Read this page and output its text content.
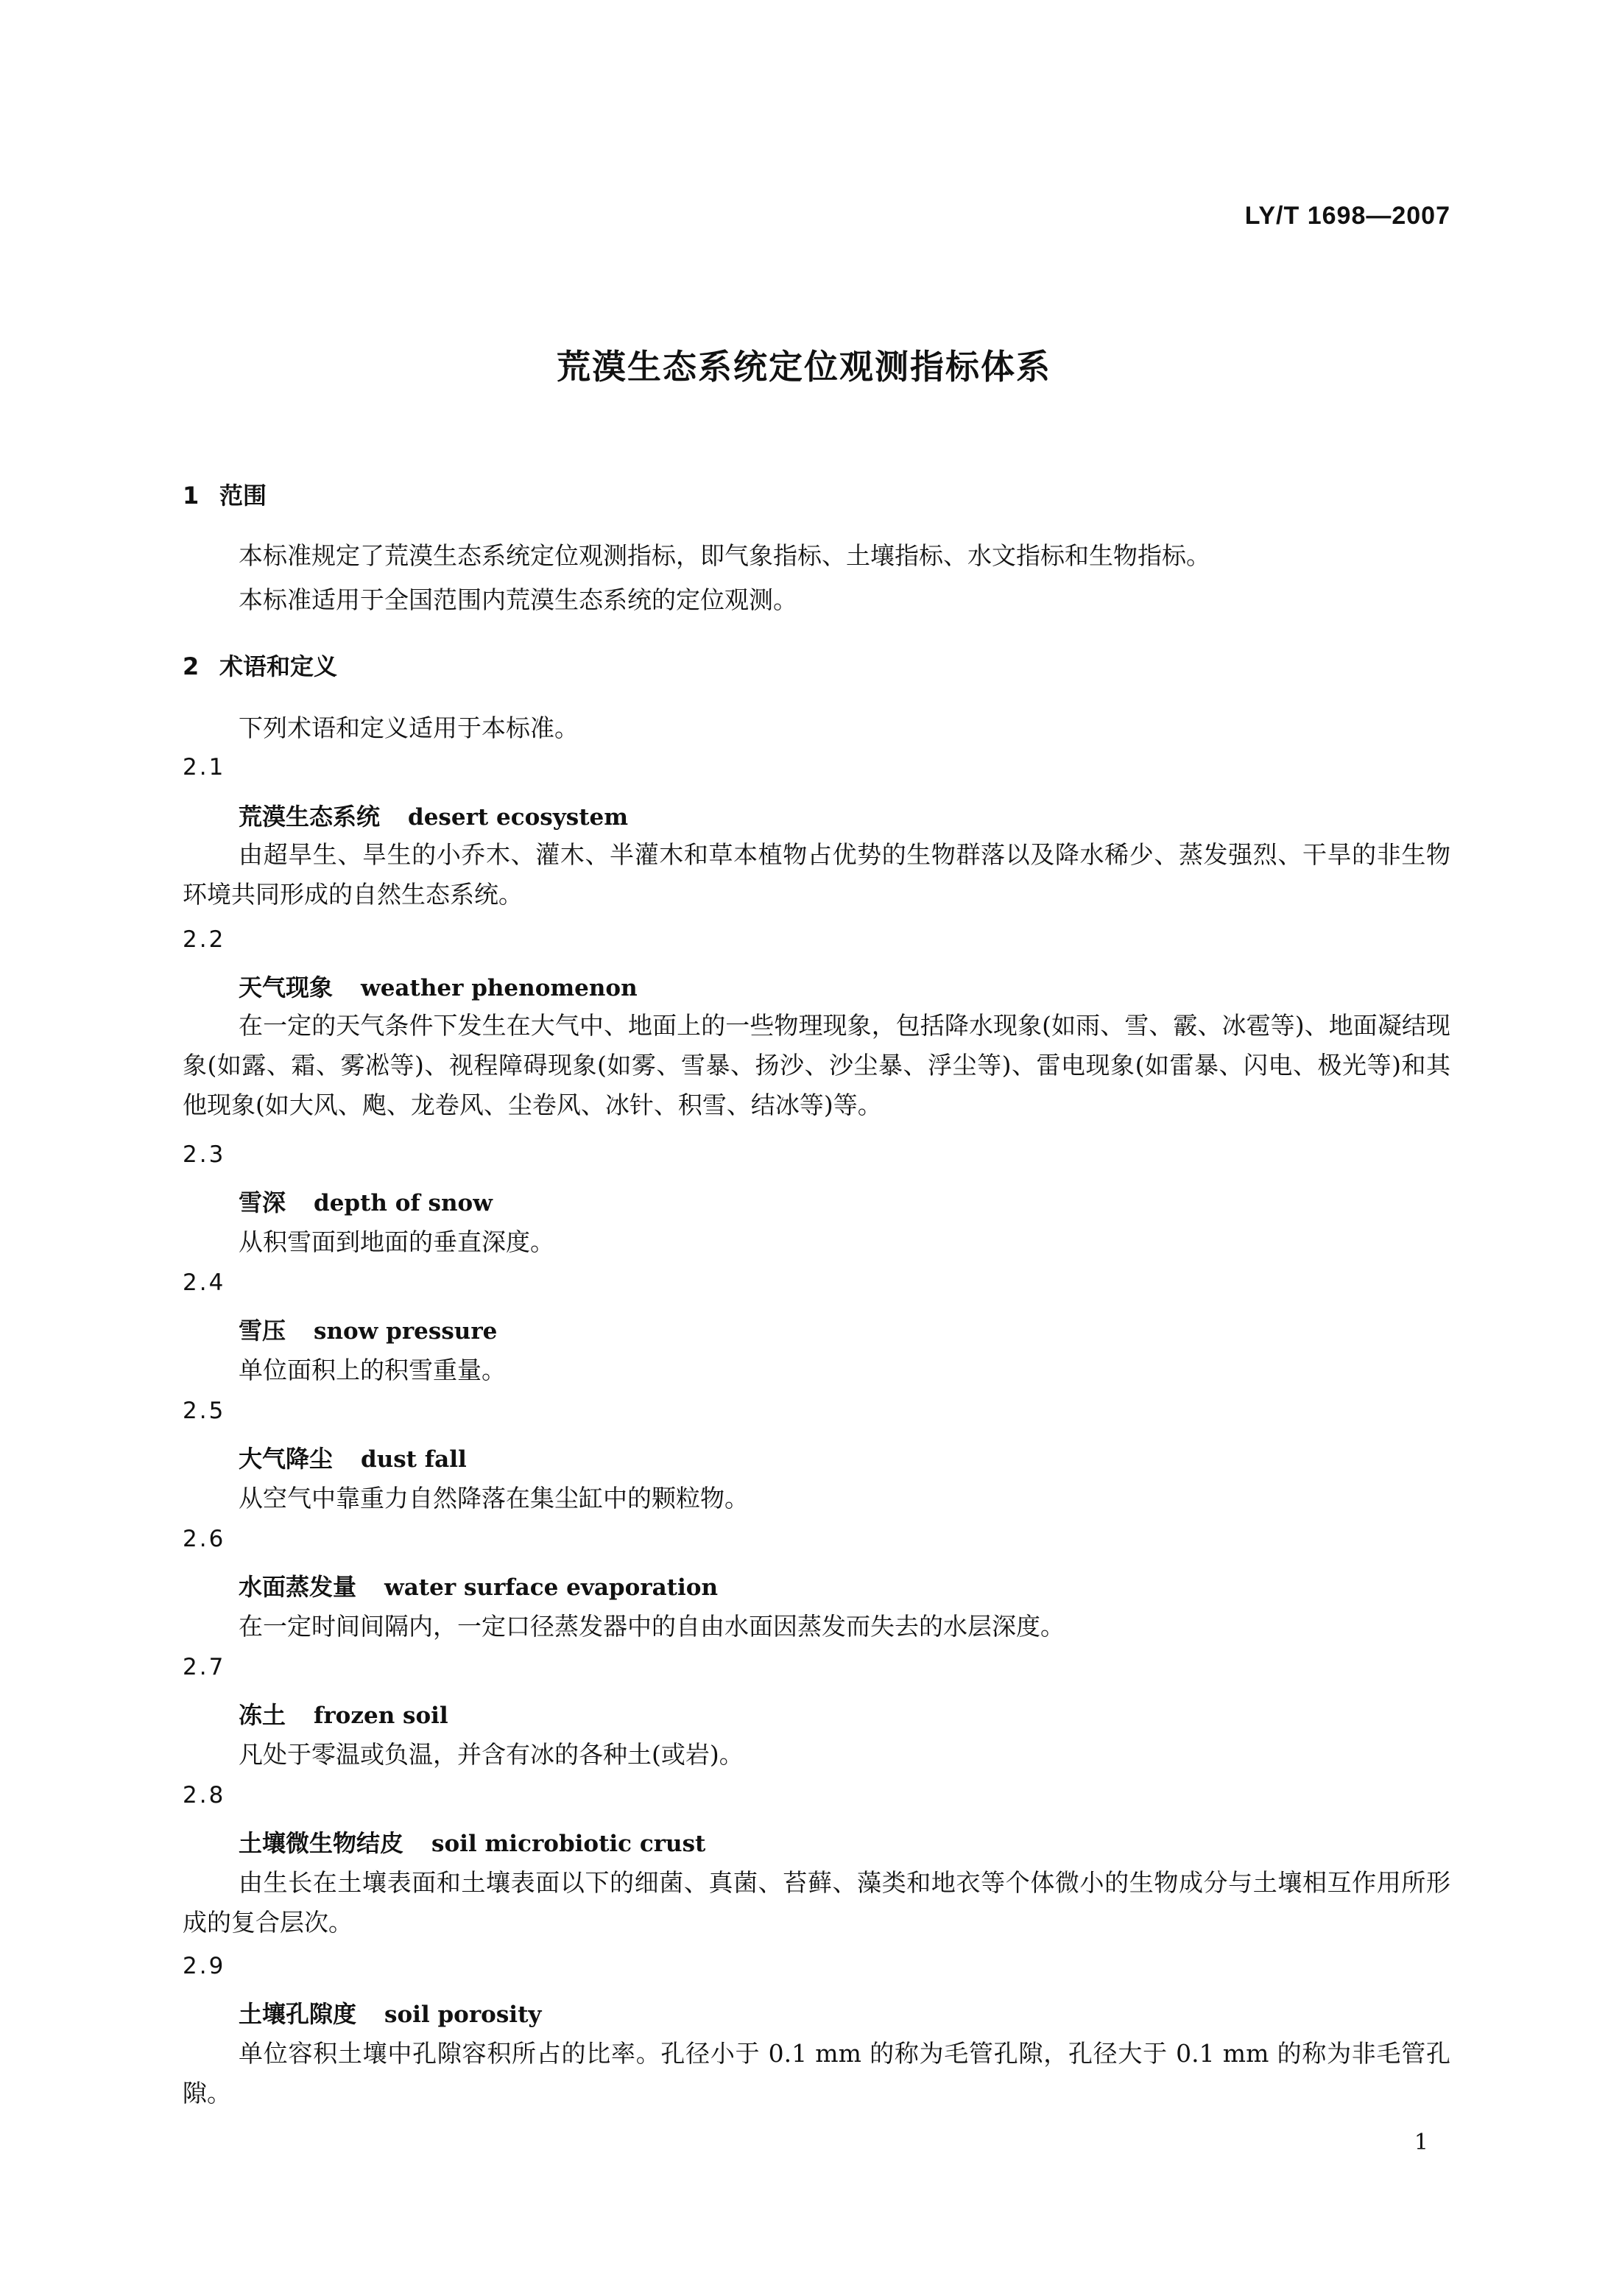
LY/T 1698—2007
荒漠生态系统定位观测指标体系
1 范围

本标准规定了荒漠生态系统定位观测指标，即气象指标、土壤指标、水文指标和生物指标。

本标准适用于全国范围内荒漠生态系统的定位观测。

2 术语和定义

下列术语和定义适用于本标准。

2.1
荒漠生态系统 desert ecosystem

由超旱生、旱生的小乔木、灌木、半灌木和草本植物占优势的生物群落以及降水稀少、蒸发强烈、干旱的非生物环境共同形成的自然生态系统。

2.2
天气现象 weather phenomenon

在一定的天气条件下发生在大气中、地面上的一些物理现象，包括降水现象(如雨、雪、霰、冰雹等)、地面凝结现象(如露、霜、雾凇等)、视程障碍现象(如雾、雪暴、扬沙、沙尘暴、浮尘等)、雷电现象(如雷暴、闪电、极光等)和其他现象(如大风、飑、龙卷风、尘卷风、冰针、积雪、结冰等)等。

2.3
雪深 depth of snow

从积雪面到地面的垂直深度。

2.4
雪压 snow pressure

单位面积上的积雪重量。

2.5
大气降尘 dust fall

从空气中靠重力自然降落在集尘缸中的颗粒物。

2.6
水面蒸发量 water surface evaporation

在一定时间间隔内，一定口径蒸发器中的自由水面因蒸发而失去的水层深度。

2.7
冻土 frozen soil

凡处于零温或负温，并含有冰的各种土(或岩)。

2.8
土壤微生物结皮 soil microbiotic crust

由生长在土壤表面和土壤表面以下的细菌、真菌、苔藓、藻类和地衣等个体微小的生物成分与土壤相互作用所形成的复合层次。

2.9
土壤孔隙度 soil porosity

单位容积土壤中孔隙容积所占的比率。孔径小于 0.1 mm 的称为毛管孔隙，孔径大于 0.1 mm 的称为非毛管孔隙。

1
